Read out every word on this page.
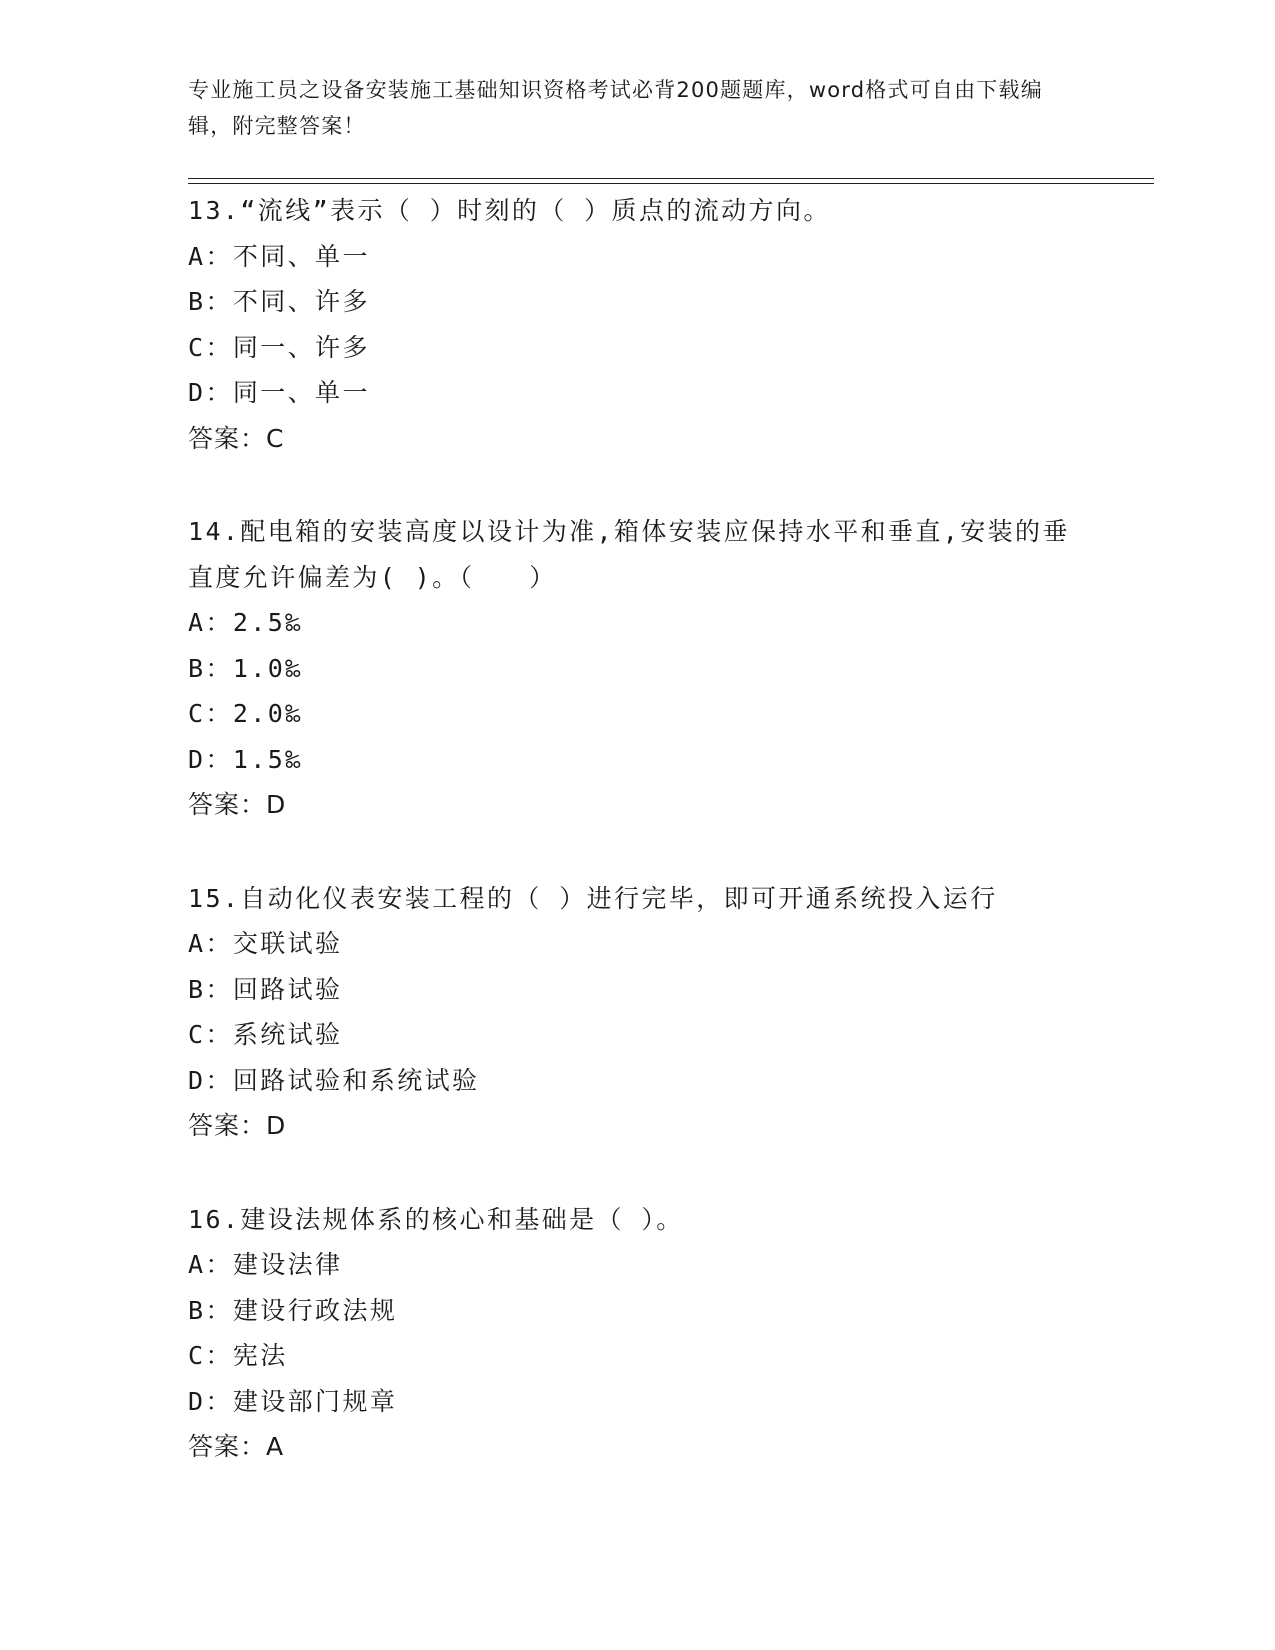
专业施工员之设备安装施工基础知识资格考试必背200题题库，word格式可自由下载编辑，附完整答案！
13.“流线”表示（ ）时刻的（ ）质点的流动方向。
A：不同、单一
B：不同、许多
C：同一、许多
D：同一、单一
答案：C
14.配电箱的安装高度以设计为准,箱体安装应保持水平和垂直,安装的垂直度允许偏差为( )。（　　）
A：2.5‰
B：1.0‰
C：2.0‰
D：1.5‰
答案：D
15.自动化仪表安装工程的（ ）进行完毕，即可开通系统投入运行
A：交联试验
B：回路试验
C：系统试验
D：回路试验和系统试验
答案：D
16.建设法规体系的核心和基础是（ ）。
A：建设法律
B：建设行政法规
C：宪法
D：建设部门规章
答案：A
